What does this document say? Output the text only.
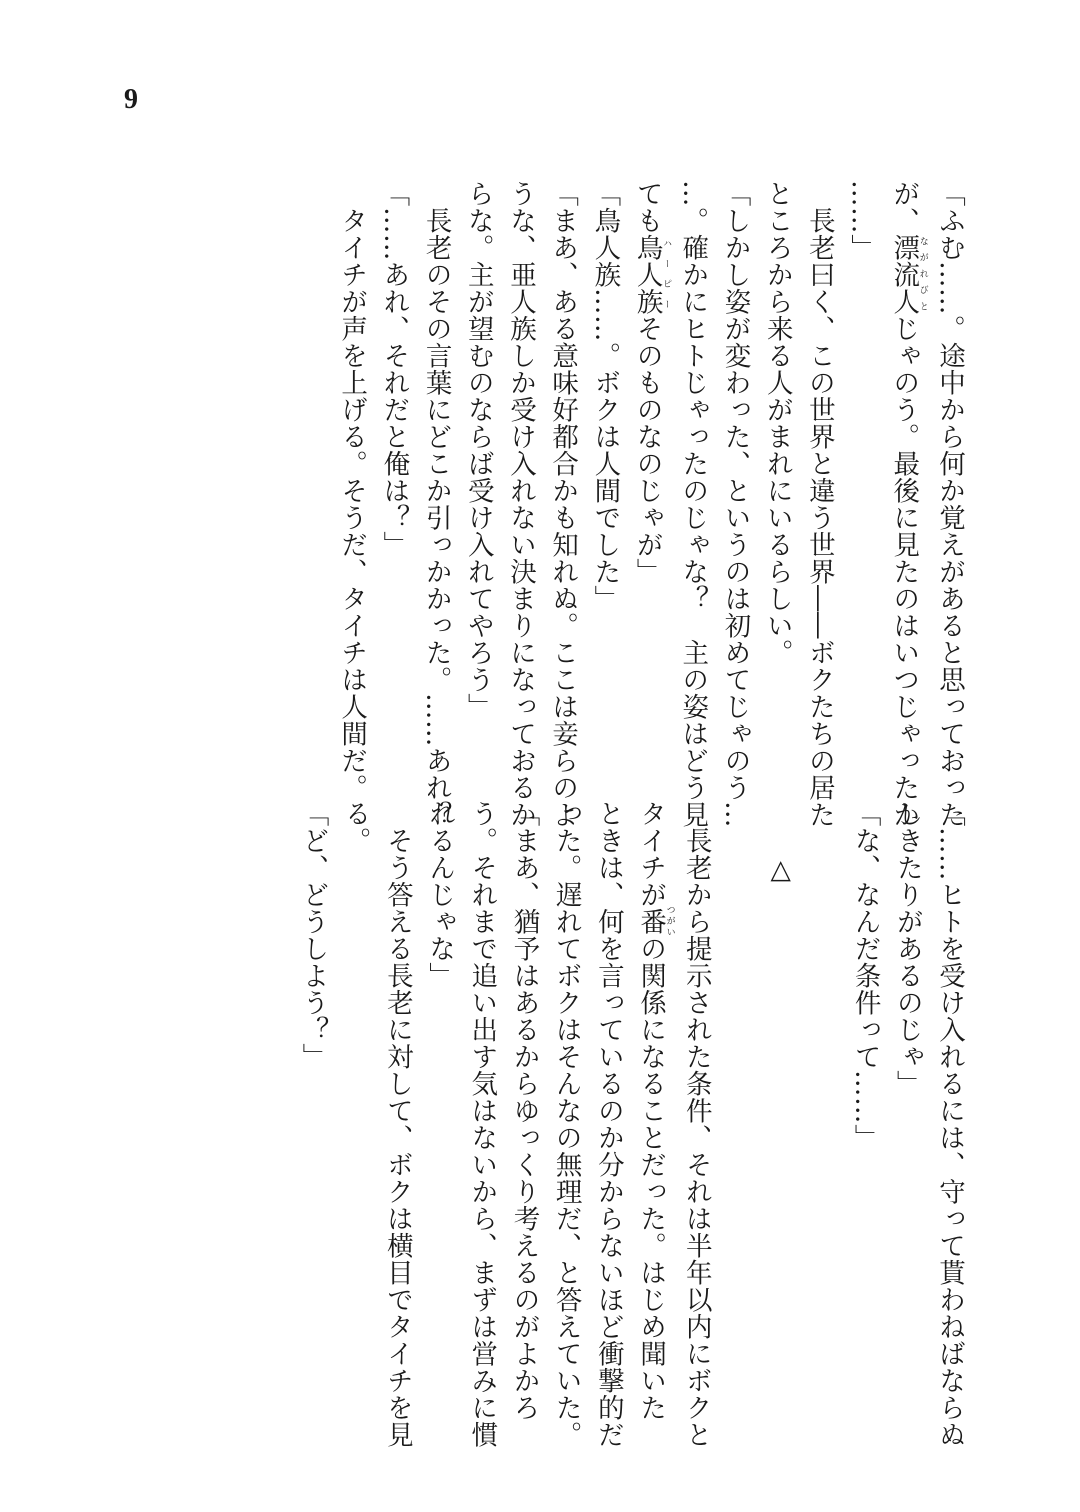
9
「ふむ……。途中から何か覚えがあると思っておった
が、漂流人ながれびとじゃのう。最後に見たのはいつじゃったか
……」
　長老曰く、この世界と違う世界――ボクたちの居た
ところから来る人がまれにいるらしい。
「しかし姿が変わった、というのは初めてじゃのう…
…。確かにヒトじゃったのじゃな？　主の姿はどう見
ても鳥人族ハーピーそのものなのじゃが」
「鳥人族……。ボクは人間でした」
「まあ、ある意味好都合かも知れぬ。ここは妾らのよ
うな、亜人族しか受け入れない決まりになっておるか
らな。主が望むのならば受け入れてやろう」
　長老のその言葉にどこか引っかかった。……あれ？
「……あれ、それだと俺は？」
　タイチが声を上げる。そうだ、タイチは人間だ。
「……ヒトを受け入れるには、守って貰わねばならぬ
しきたりがあるのじゃ」
「な、なんだ条件って……」

　　△

　長老から提示された条件、それは半年以内にボクと
タイチが番つがいの関係になることだった。はじめ聞いた
ときは、何を言っているのか分からないほど衝撃的だ
った。遅れてボクはそんなの無理だ、と答えていた。
「まあ、猶予はあるからゆっくり考えるのがよかろ
う。それまで追い出す気はないから、まずは営みに慣
れるんじゃな」
　そう答える長老に対して、ボクは横目でタイチを見
る。
「ど、どうしよう？」
